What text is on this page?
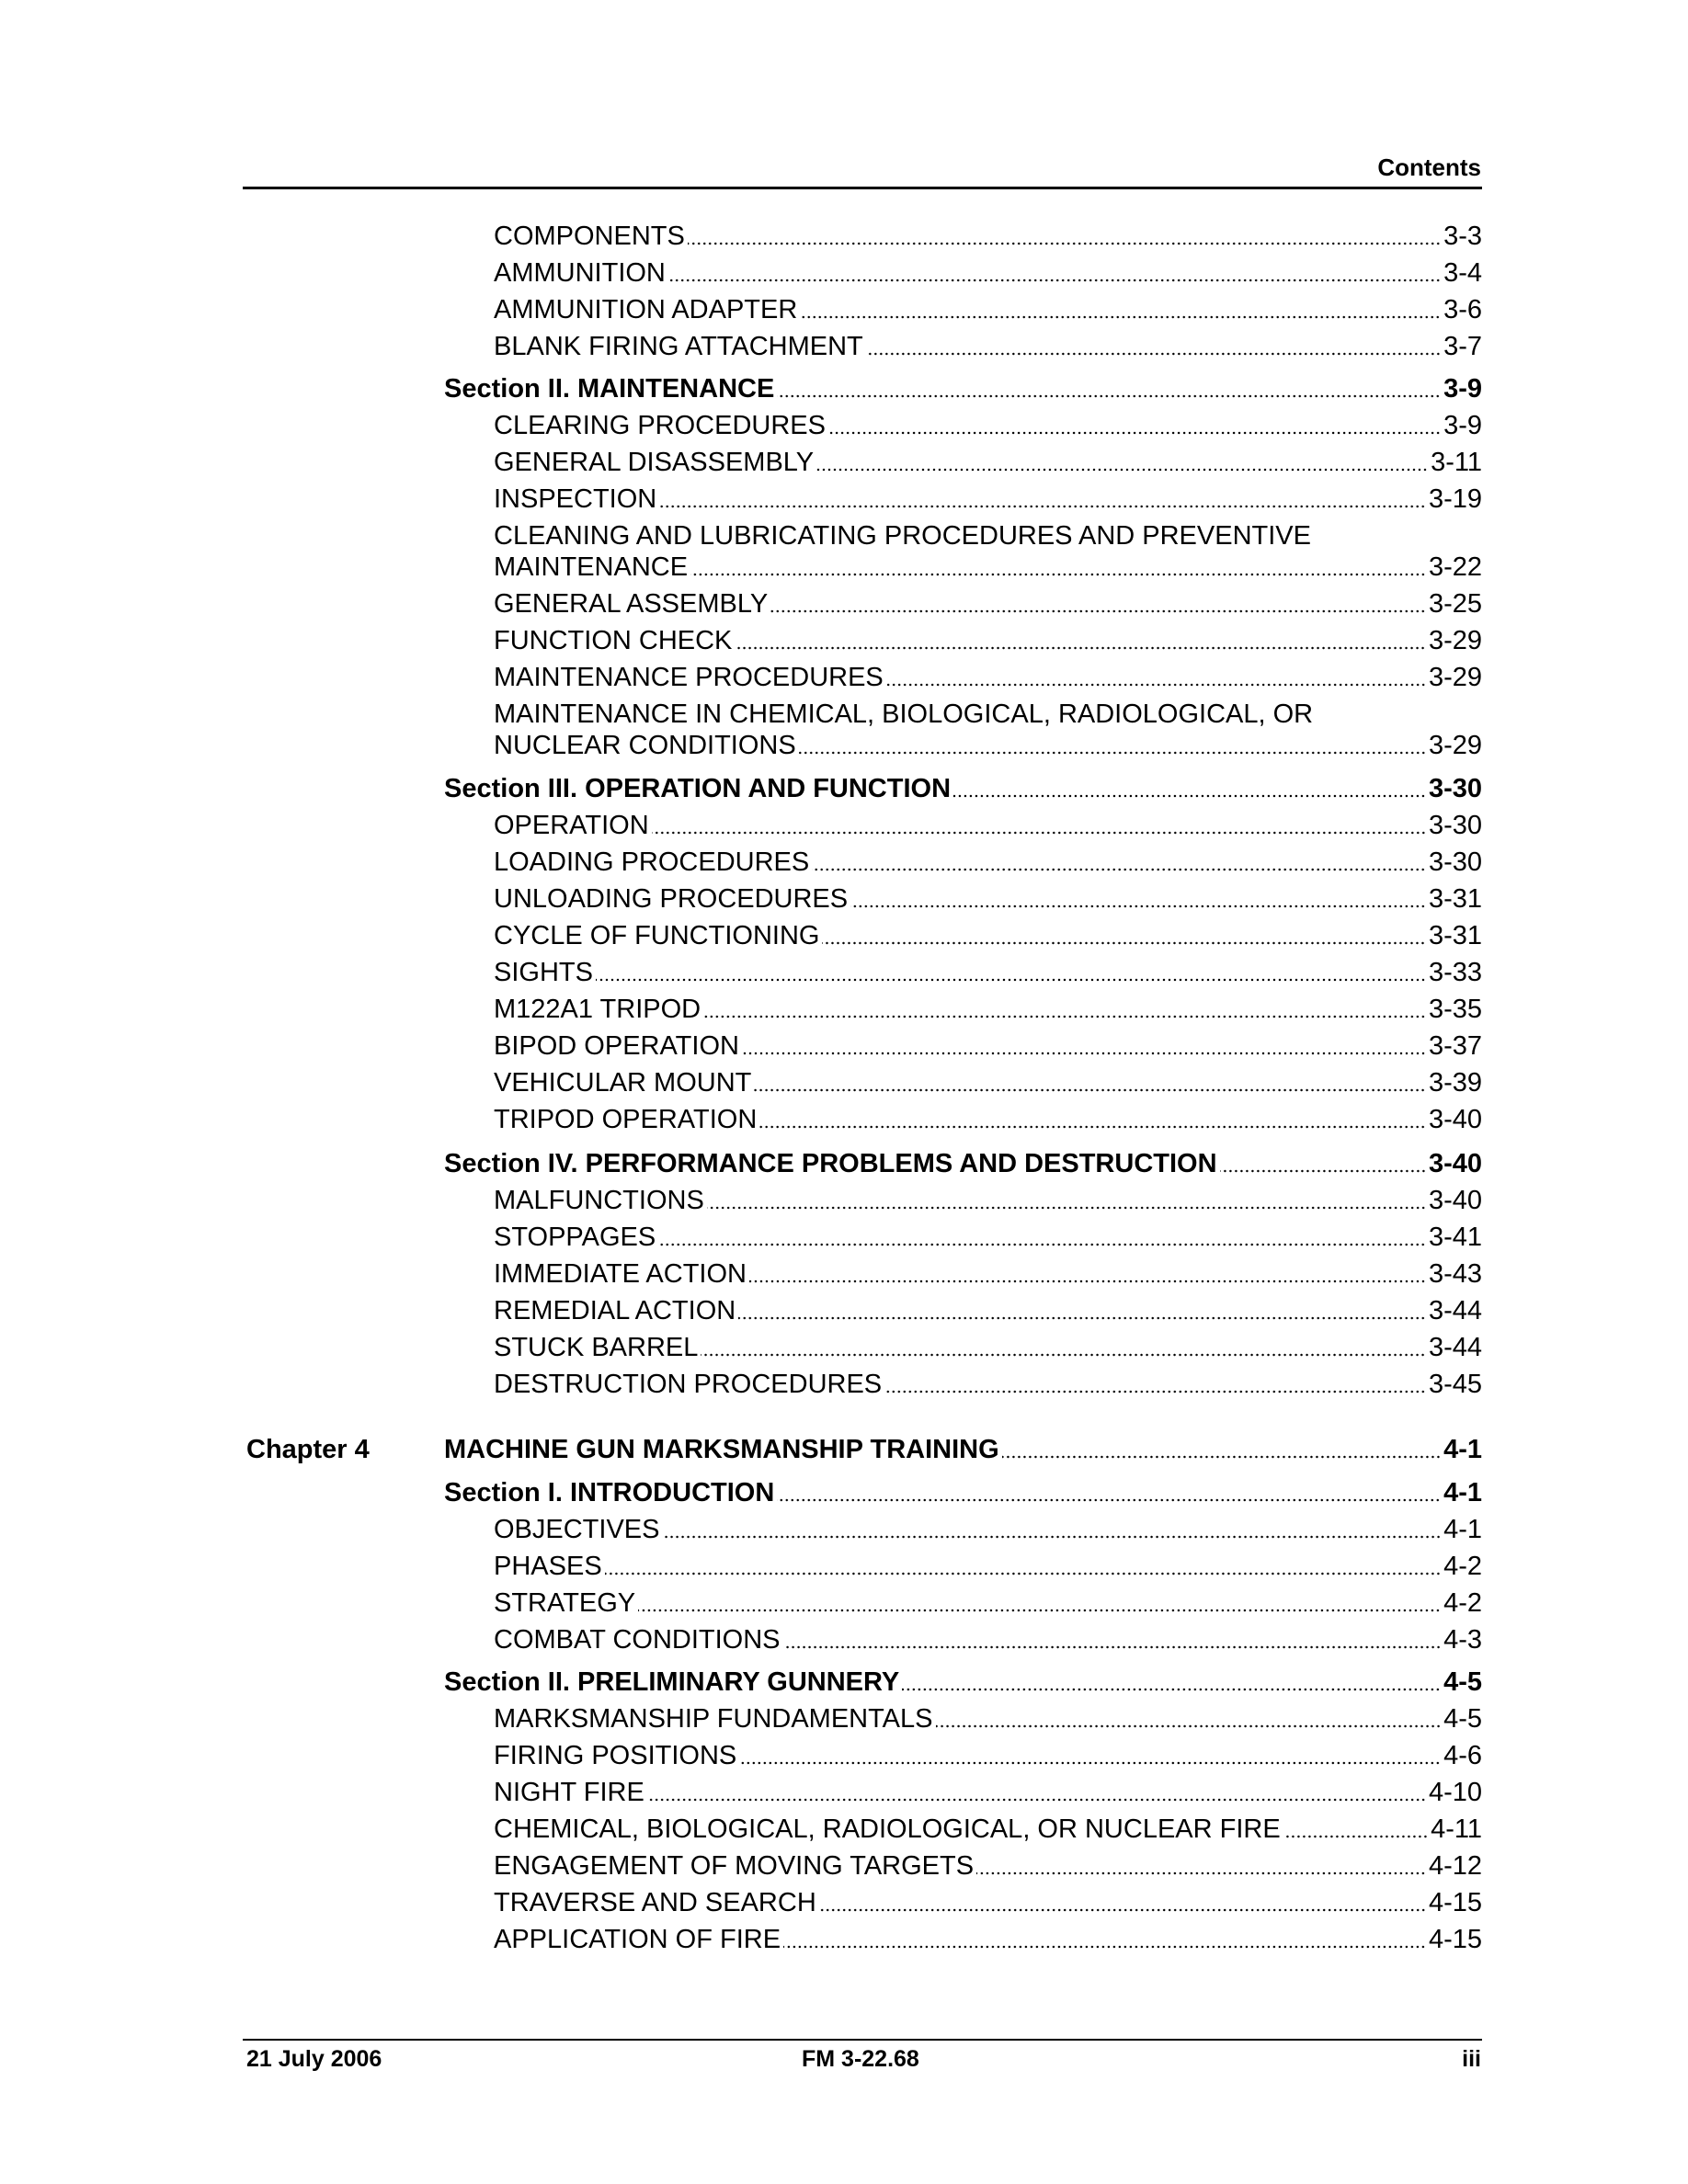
Contents
COMPONENTS	3-3
AMMUNITION	3-4
AMMUNITION ADAPTER	3-6
BLANK FIRING ATTACHMENT	3-7
Section II. MAINTENANCE	3-9
CLEARING PROCEDURES	3-9
GENERAL DISASSEMBLY	3-11
INSPECTION	3-19
CLEANING AND LUBRICATING PROCEDURES AND PREVENTIVE
MAINTENANCE	3-22
GENERAL ASSEMBLY	3-25
FUNCTION CHECK	3-29
MAINTENANCE PROCEDURES	3-29
MAINTENANCE IN CHEMICAL, BIOLOGICAL, RADIOLOGICAL, OR
NUCLEAR CONDITIONS	3-29
Section III. OPERATION AND FUNCTION	3-30
OPERATION	3-30
LOADING PROCEDURES	3-30
UNLOADING PROCEDURES	3-31
CYCLE OF FUNCTIONING	3-31
SIGHTS	3-33
M122A1 TRIPOD	3-35
BIPOD OPERATION	3-37
VEHICULAR MOUNT	3-39
TRIPOD OPERATION	3-40
Section IV. PERFORMANCE PROBLEMS AND DESTRUCTION	3-40
MALFUNCTIONS	3-40
STOPPAGES	3-41
IMMEDIATE ACTION	3-43
REMEDIAL ACTION	3-44
STUCK BARREL	3-44
DESTRUCTION PROCEDURES	3-45
Chapter 4	MACHINE GUN MARKSMANSHIP TRAINING	4-1
Section I. INTRODUCTION	4-1
OBJECTIVES	4-1
PHASES	4-2
STRATEGY	4-2
COMBAT CONDITIONS	4-3
Section II. PRELIMINARY GUNNERY	4-5
MARKSMANSHIP FUNDAMENTALS	4-5
FIRING POSITIONS	4-6
NIGHT FIRE	4-10
CHEMICAL, BIOLOGICAL, RADIOLOGICAL, OR NUCLEAR FIRE	4-11
ENGAGEMENT OF MOVING TARGETS	4-12
TRAVERSE AND SEARCH	4-15
APPLICATION OF FIRE	4-15
21 July 2006	FM 3-22.68	iii
